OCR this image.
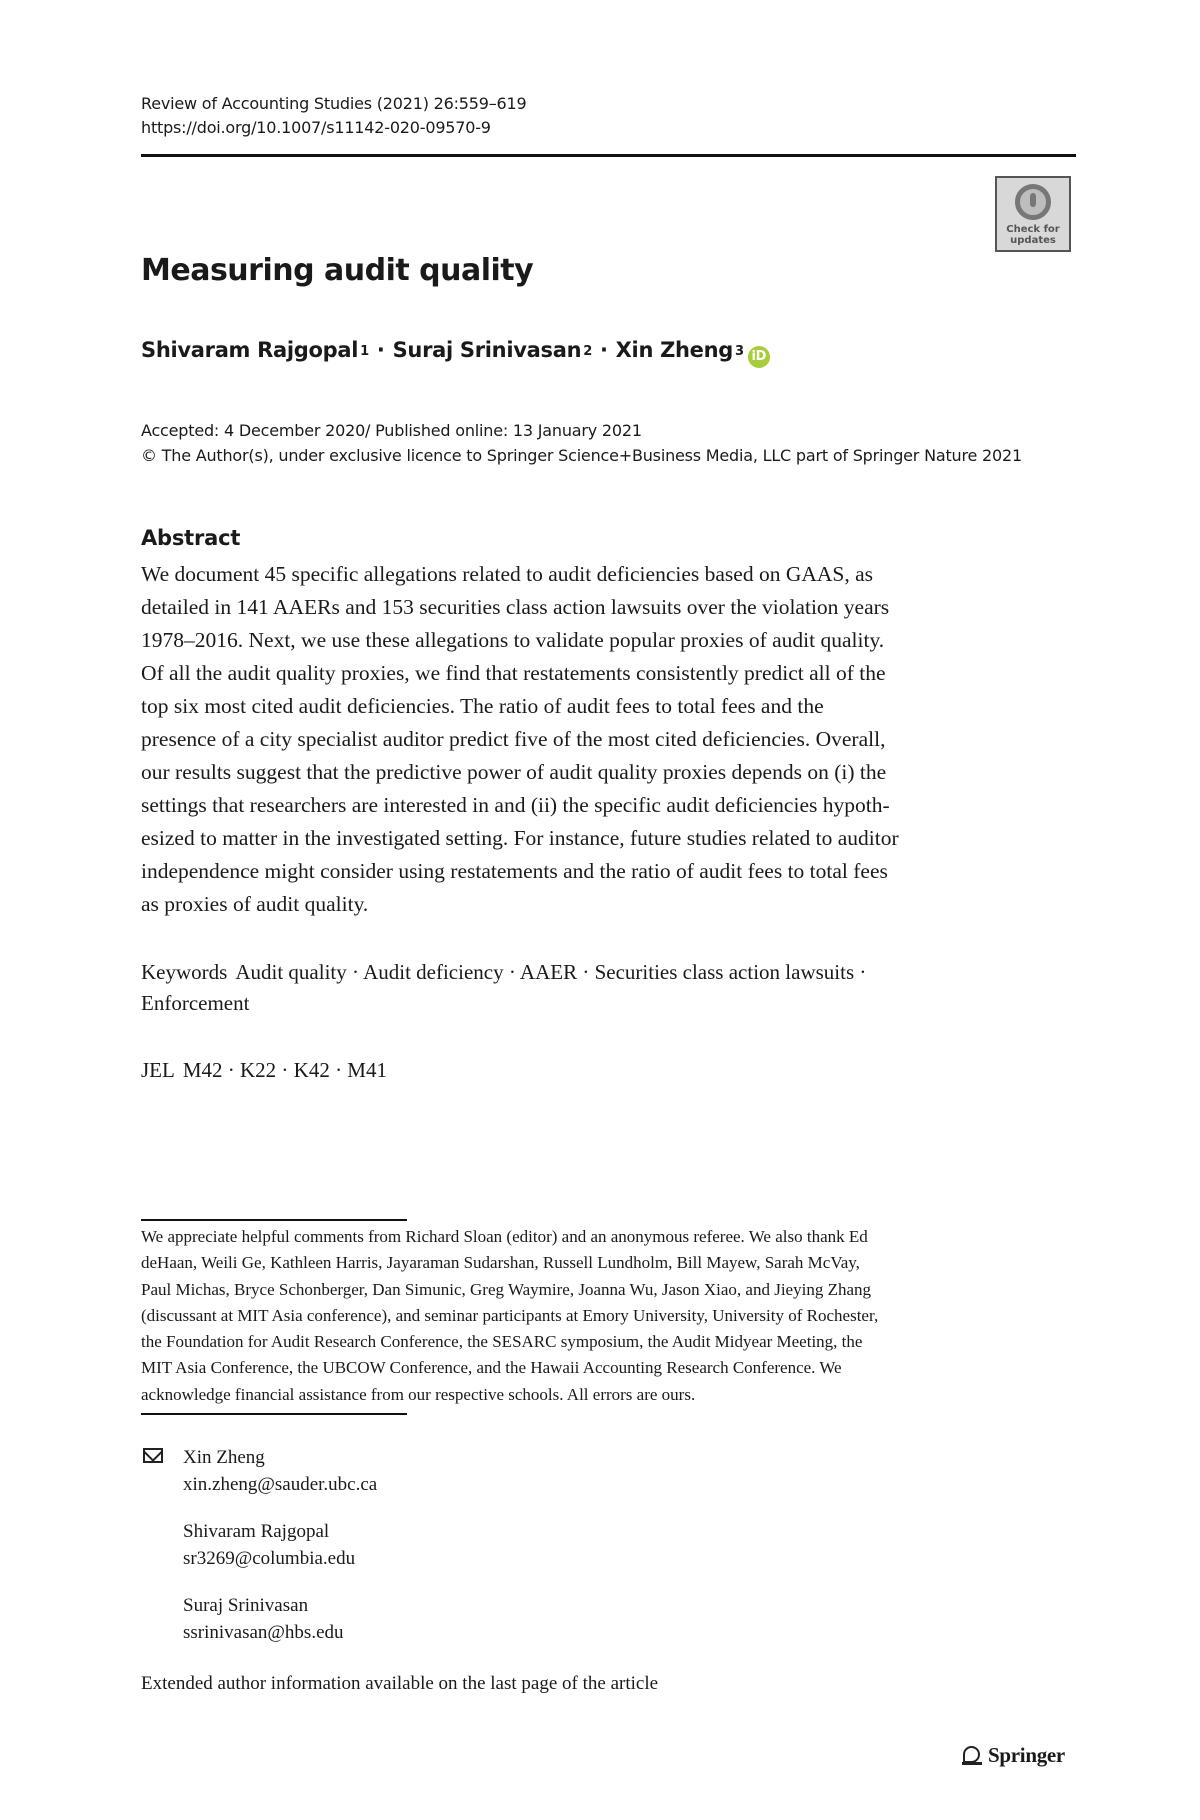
Review of Accounting Studies (2021) 26:559–619
https://doi.org/10.1007/s11142-020-09570-9
Check for updates
Measuring audit quality
Shivaram Rajgopal$^1$ · Suraj Srinivasan$^2$ · Xin Zheng$^3$ iD
Accepted: 4 December 2020/ Published online: 13 January 2021
© The Author(s), under exclusive licence to Springer Science+Business Media, LLC part of Springer Nature 2021
Abstract
We document 45 specific allegations related to audit deficiencies based on GAAS, as
detailed in 141 AAERs and 153 securities class action lawsuits over the violation years
1978–2016. Next, we use these allegations to validate popular proxies of audit quality.
Of all the audit quality proxies, we find that restatements consistently predict all of the
top six most cited audit deficiencies. The ratio of audit fees to total fees and the
presence of a city specialist auditor predict five of the most cited deficiencies. Overall,
our results suggest that the predictive power of audit quality proxies depends on (i) the
settings that researchers are interested in and (ii) the specific audit deficiencies hypoth-
esized to matter in the investigated setting. For instance, future studies related to auditor
independence might consider using restatements and the ratio of audit fees to total fees
as proxies of audit quality.
Keywords Audit quality · Audit deficiency · AAER · Securities class action lawsuits ·
Enforcement
JEL M42 · K22 · K42 · M41
We appreciate helpful comments from Richard Sloan (editor) and an anonymous referee. We also thank Ed
deHaan, Weili Ge, Kathleen Harris, Jayaraman Sudarshan, Russell Lundholm, Bill Mayew, Sarah McVay,
Paul Michas, Bryce Schonberger, Dan Simunic, Greg Waymire, Joanna Wu, Jason Xiao, and Jieying Zhang
(discussant at MIT Asia conference), and seminar participants at Emory University, University of Rochester,
the Foundation for Audit Research Conference, the SESARC symposium, the Audit Midyear Meeting, the
MIT Asia Conference, the UBCOW Conference, and the Hawaii Accounting Research Conference. We
acknowledge financial assistance from our respective schools. All errors are ours.
Xin Zheng
xin.zheng@sauder.ubc.ca
Shivaram Rajgopal
sr3269@columbia.edu
Suraj Srinivasan
ssrinivasan@hbs.edu
Extended author information available on the last page of the article
Springer
